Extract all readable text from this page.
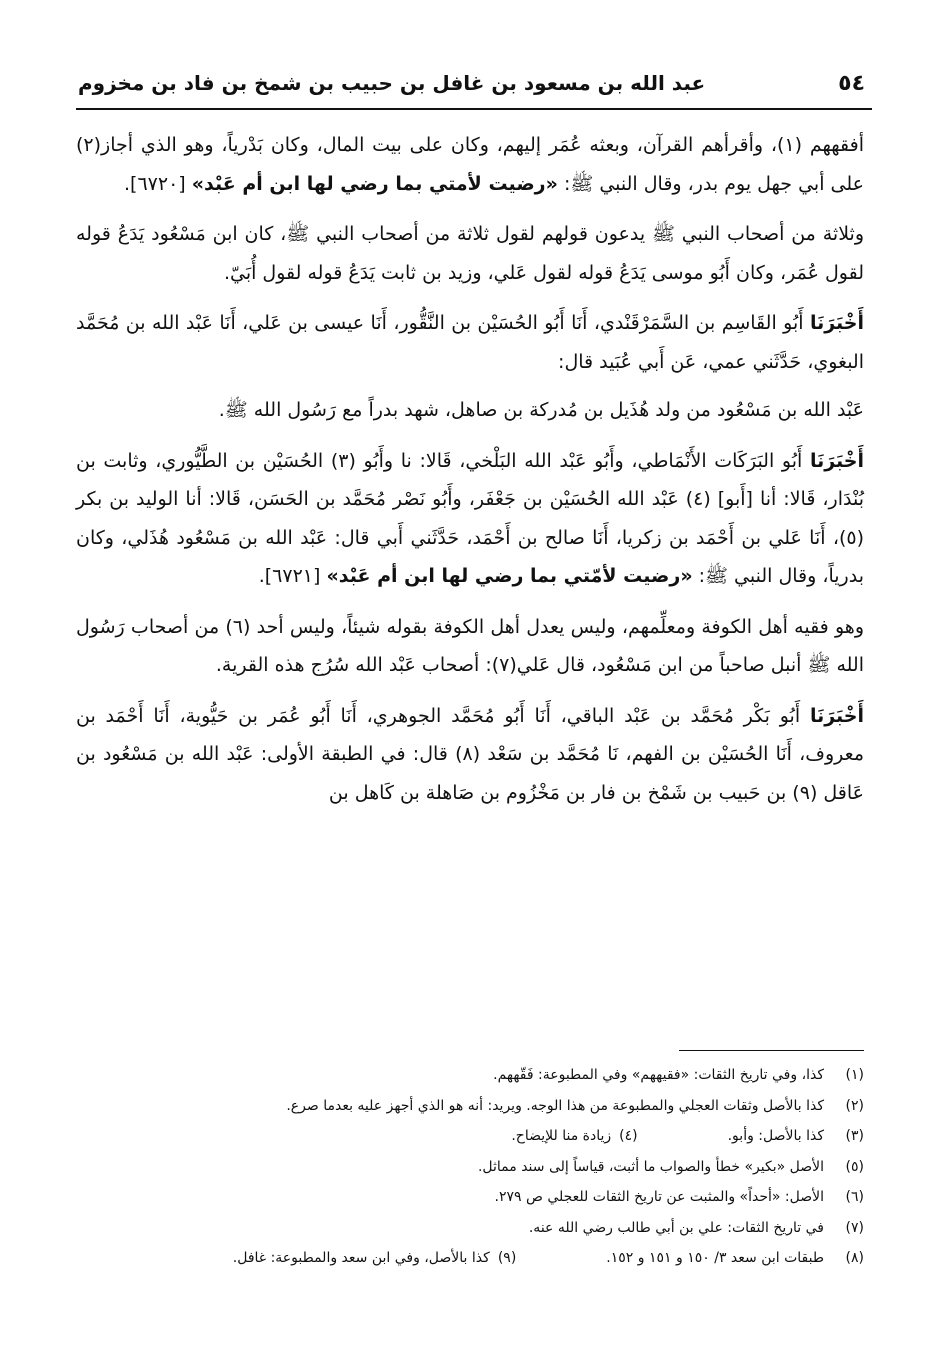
٥٤
عبد الله بن مسعود بن غافل بن حبيب بن شمخ بن فاد بن مخزوم

أفقههم (١)، وأقرأهم القرآن، وبعثه عُمَر إليهم، وكان على بيت المال، وكان بَدْرياً، وهو الذي أجاز(٢) على أبي جهل يوم بدر، وقال النبي ﷺ: «رضيت لأمتي بما رضي لها ابن أم عَبْد» [٦٧٢٠].

وثلاثة من أصحاب النبي ﷺ يدعون قولهم لقول ثلاثة من أصحاب النبي ﷺ، كان ابن مَسْعُود يَدَعُ قوله لقول عُمَر، وكان أَبُو موسى يَدَعُ قوله لقول عَلي، وزيد بن ثابت يَدَعُ قوله لقول أُبَيّ.

أَخْبَرَنَا أَبُو القَاسِم بن السَّمَرْقَنْدي، أَنَا أَبُو الحُسَيْن بن النَّقُّور، أَنَا عيسى بن عَلي، أَنَا عَبْد الله بن مُحَمَّد البغوي، حَدَّثَني عمي، عَن أَبي عُبَيد قال:

عَبْد الله بن مَسْعُود من ولد هُذَيل بن مُدركة بن صاهل، شهد بدراً مع رَسُول الله ﷺ.

أَخْبَرَنَا أَبُو البَرَكَات الأَنْمَاطي، وأَبُو عَبْد الله البَلْخي، قَالا: نا وأَبُو (٣) الحُسَيْن بن الطَّيُّوري، وثابت بن بُنْدَار، قَالا: أنا [أَبو] (٤) عَبْد الله الحُسَيْن بن جَعْفَر، وأَبُو نَصْر مُحَمَّد بن الحَسَن، قَالا: أنا الوليد بن بكر (٥)، أَنَا عَلي بن أَحْمَد بن زكريا، أَنَا صالح بن أَحْمَد، حَدَّثَني أَبي قال: عَبْد الله بن مَسْعُود هُذَلي، وكان بدرياً، وقال النبي ﷺ: «رضيت لأمّتي بما رضي لها ابن أم عَبْد» [٦٧٢١].

وهو فقيه أهل الكوفة ومعلِّمهم، وليس يعدل أهل الكوفة بقوله شيئاً، وليس أحد (٦) من أصحاب رَسُول الله ﷺ أنبل صاحباً من ابن مَسْعُود، قال عَلي(٧): أصحاب عَبْد الله سُرُج هذه القرية.

أَخْبَرَنَا أَبُو بَكْر مُحَمَّد بن عَبْد الباقي، أَنَا أَبُو مُحَمَّد الجوهري، أَنَا أَبُو عُمَر بن حَيُّوية، أَنَا أَحْمَد بن معروف، أَنَا الحُسَيْن بن الفهم، نَا مُحَمَّد بن سَعْد (٨) قال: في الطبقة الأولى: عَبْد الله بن مَسْعُود بن عَاقل (٩) بن حَبيب بن شَمْخ بن فار بن مَخْزُوم بن صَاهلة بن كَاهل بن

(١)
كذا، وفي تاريخ الثقات: «فقيههم» وفي المطبوعة: فَقّههم.
(٢)
كذا بالأصل وثقات العجلي والمطبوعة من هذا الوجه. ويريد: أنه هو الذي أجهز عليه بعدما صرع.
(٣)
كذا بالأصل: وأبو.
(٤)
زيادة منا للإيضاح.
(٥)
الأصل «بكير» خطأ والصواب ما أثبت، قياساً إلى سند مماثل.
(٦)
الأصل: «أحداً» والمثبت عن تاريخ الثقات للعجلي ص ٢٧٩.
(٧)
في تاريخ الثقات: علي بن أبي طالب رضي الله عنه.
(٨)
طبقات ابن سعد ٣/ ١٥٠ و ١٥١ و ١٥٢.
(٩)
كذا بالأصل، وفي ابن سعد والمطبوعة: غافل.
